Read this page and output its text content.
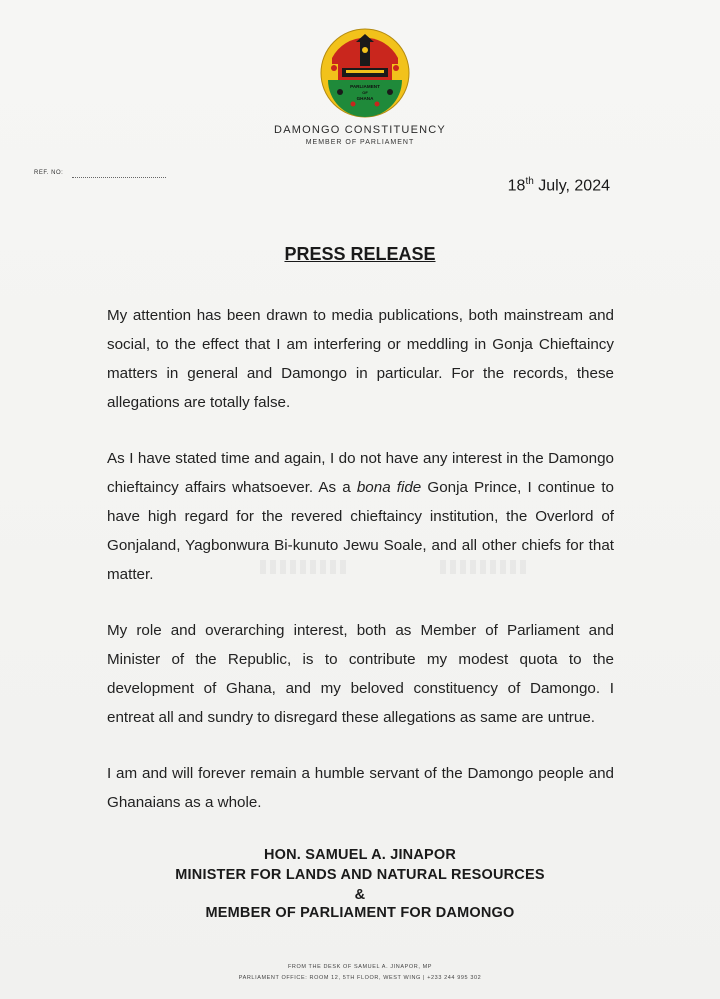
PARLIAMENT
OF
GHANA
DAMONGO CONSTITUENCY
MEMBER OF PARLIAMENT
REF. NO:
18th July, 2024
PRESS RELEASE
My attention has been drawn to media publications, both mainstream and social, to the effect that I am interfering or meddling in Gonja Chieftaincy matters in general and Damongo in particular. For the records, these allegations are totally false.
As I have stated time and again, I do not have any interest in the Damongo chieftaincy affairs whatsoever. As a bona fide Gonja Prince, I continue to have high regard for the revered chieftaincy institution, the Overlord of Gonjaland, Yagbonwura Bi-kunuto Jewu Soale, and all other chiefs for that matter.
My role and overarching interest, both as Member of Parliament and Minister of the Republic, is to contribute my modest quota to the development of Ghana, and my beloved constituency of Damongo. I entreat all and sundry to disregard these allegations as same are untrue.
I am and will forever remain a humble servant of the Damongo people and Ghanaians as a whole.
HON. SAMUEL A. JINAPOR
MINISTER FOR LANDS AND NATURAL RESOURCES
&
MEMBER OF PARLIAMENT FOR DAMONGO
FROM THE DESK OF SAMUEL A. JINAPOR, MP
PARLIAMENT OFFICE: ROOM 12, 5TH FLOOR, WEST WING | +233 244 995 302
